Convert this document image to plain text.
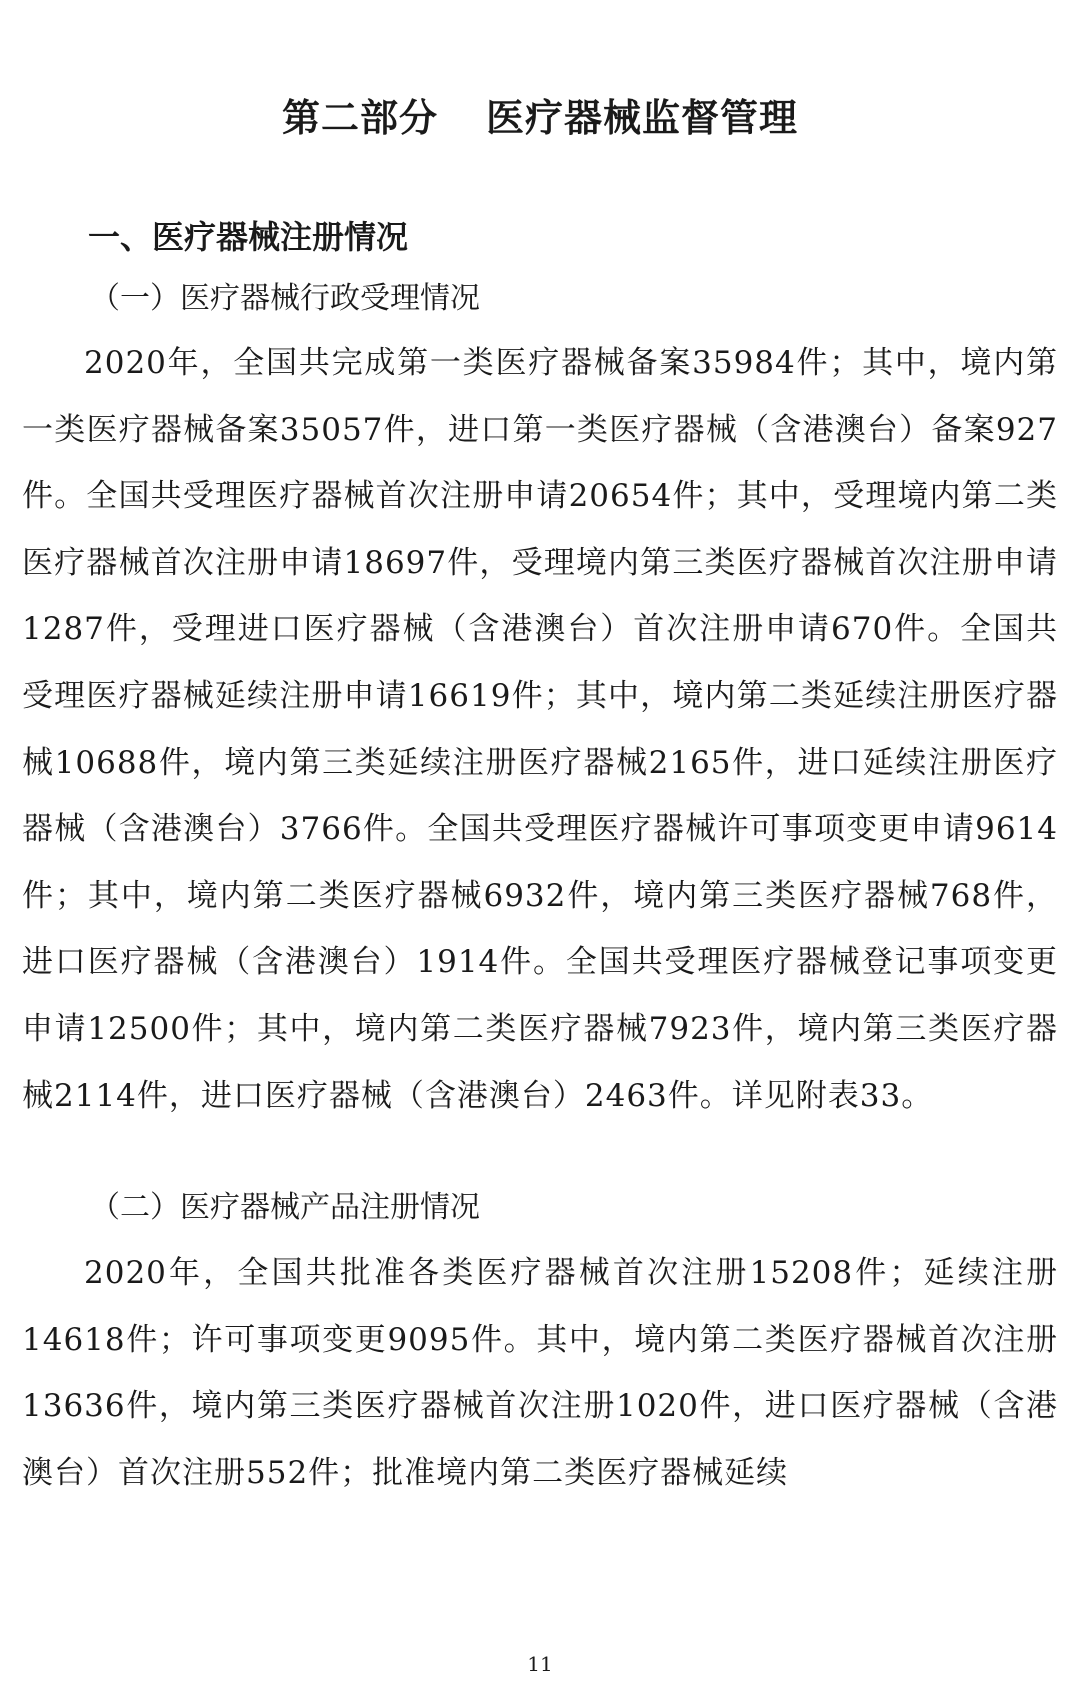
第二部分 医疗器械监督管理
一、医疗器械注册情况
（一）医疗器械行政受理情况

2020年，全国共完成第一类医疗器械备案35984件；其中，境内第一类医疗器械备案35057件，进口第一类医疗器械（含港澳台）备案927件。全国共受理医疗器械首次注册申请20654件；其中，受理境内第二类医疗器械首次注册申请18697件，受理境内第三类医疗器械首次注册申请1287件，受理进口医疗器械（含港澳台）首次注册申请670件。全国共受理医疗器械延续注册申请16619件；其中，境内第二类延续注册医疗器械10688件，境内第三类延续注册医疗器械2165件，进口延续注册医疗器械（含港澳台）3766件。全国共受理医疗器械许可事项变更申请9614件；其中，境内第二类医疗器械6932件，境内第三类医疗器械768件，进口医疗器械（含港澳台）1914件。全国共受理医疗器械登记事项变更申请12500件；其中，境内第二类医疗器械7923件，境内第三类医疗器械2114件，进口医疗器械（含港澳台）2463件。详见附表33。

（二）医疗器械产品注册情况

2020年，全国共批准各类医疗器械首次注册15208件；延续注册14618件；许可事项变更9095件。其中，境内第二类医疗器械首次注册13636件，境内第三类医疗器械首次注册1020件，进口医疗器械（含港澳台）首次注册552件；批准境内第二类医疗器械延续

11
